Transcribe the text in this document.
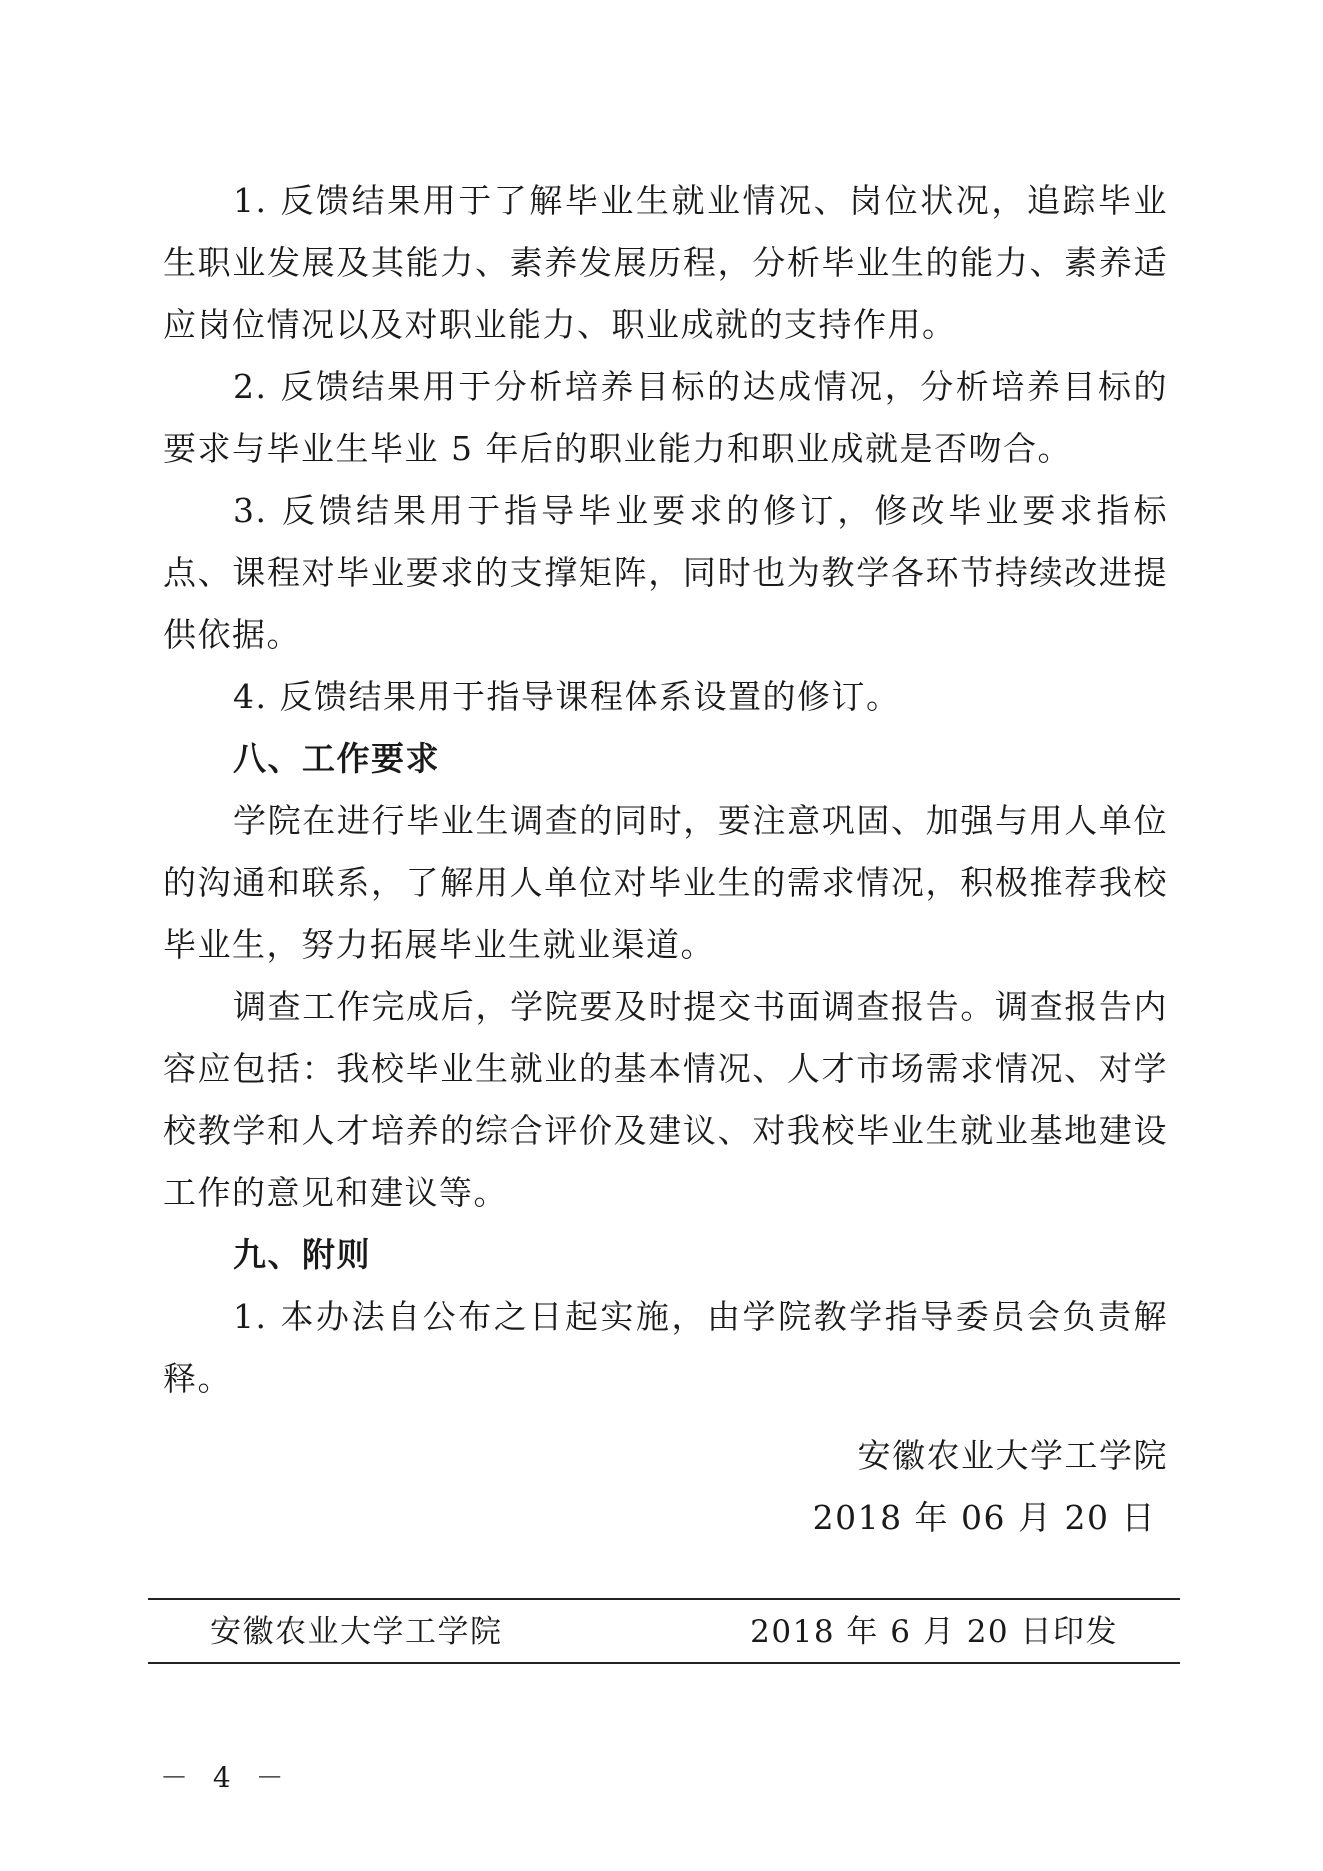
1. 反馈结果用于了解毕业生就业情况、岗位状况，追踪毕业生职业发展及其能力、素养发展历程，分析毕业生的能力、素养适应岗位情况以及对职业能力、职业成就的支持作用。

2. 反馈结果用于分析培养目标的达成情况，分析培养目标的要求与毕业生毕业 5 年后的职业能力和职业成就是否吻合。

3. 反馈结果用于指导毕业要求的修订，修改毕业要求指标点、课程对毕业要求的支撑矩阵，同时也为教学各环节持续改进提供依据。

4. 反馈结果用于指导课程体系设置的修订。

八、工作要求

学院在进行毕业生调查的同时，要注意巩固、加强与用人单位的沟通和联系，了解用人单位对毕业生的需求情况，积极推荐我校毕业生，努力拓展毕业生就业渠道。

调查工作完成后，学院要及时提交书面调查报告。调查报告内容应包括：我校毕业生就业的基本情况、人才市场需求情况、对学校教学和人才培养的综合评价及建议、对我校毕业生就业基地建设工作的意见和建议等。

九、附则

1. 本办法自公布之日起实施，由学院教学指导委员会负责解释。

安徽农业大学工学院
2018 年 06 月 20 日
安徽农业大学工学院	2018 年 6 月 20 日印发
－ 4 －
